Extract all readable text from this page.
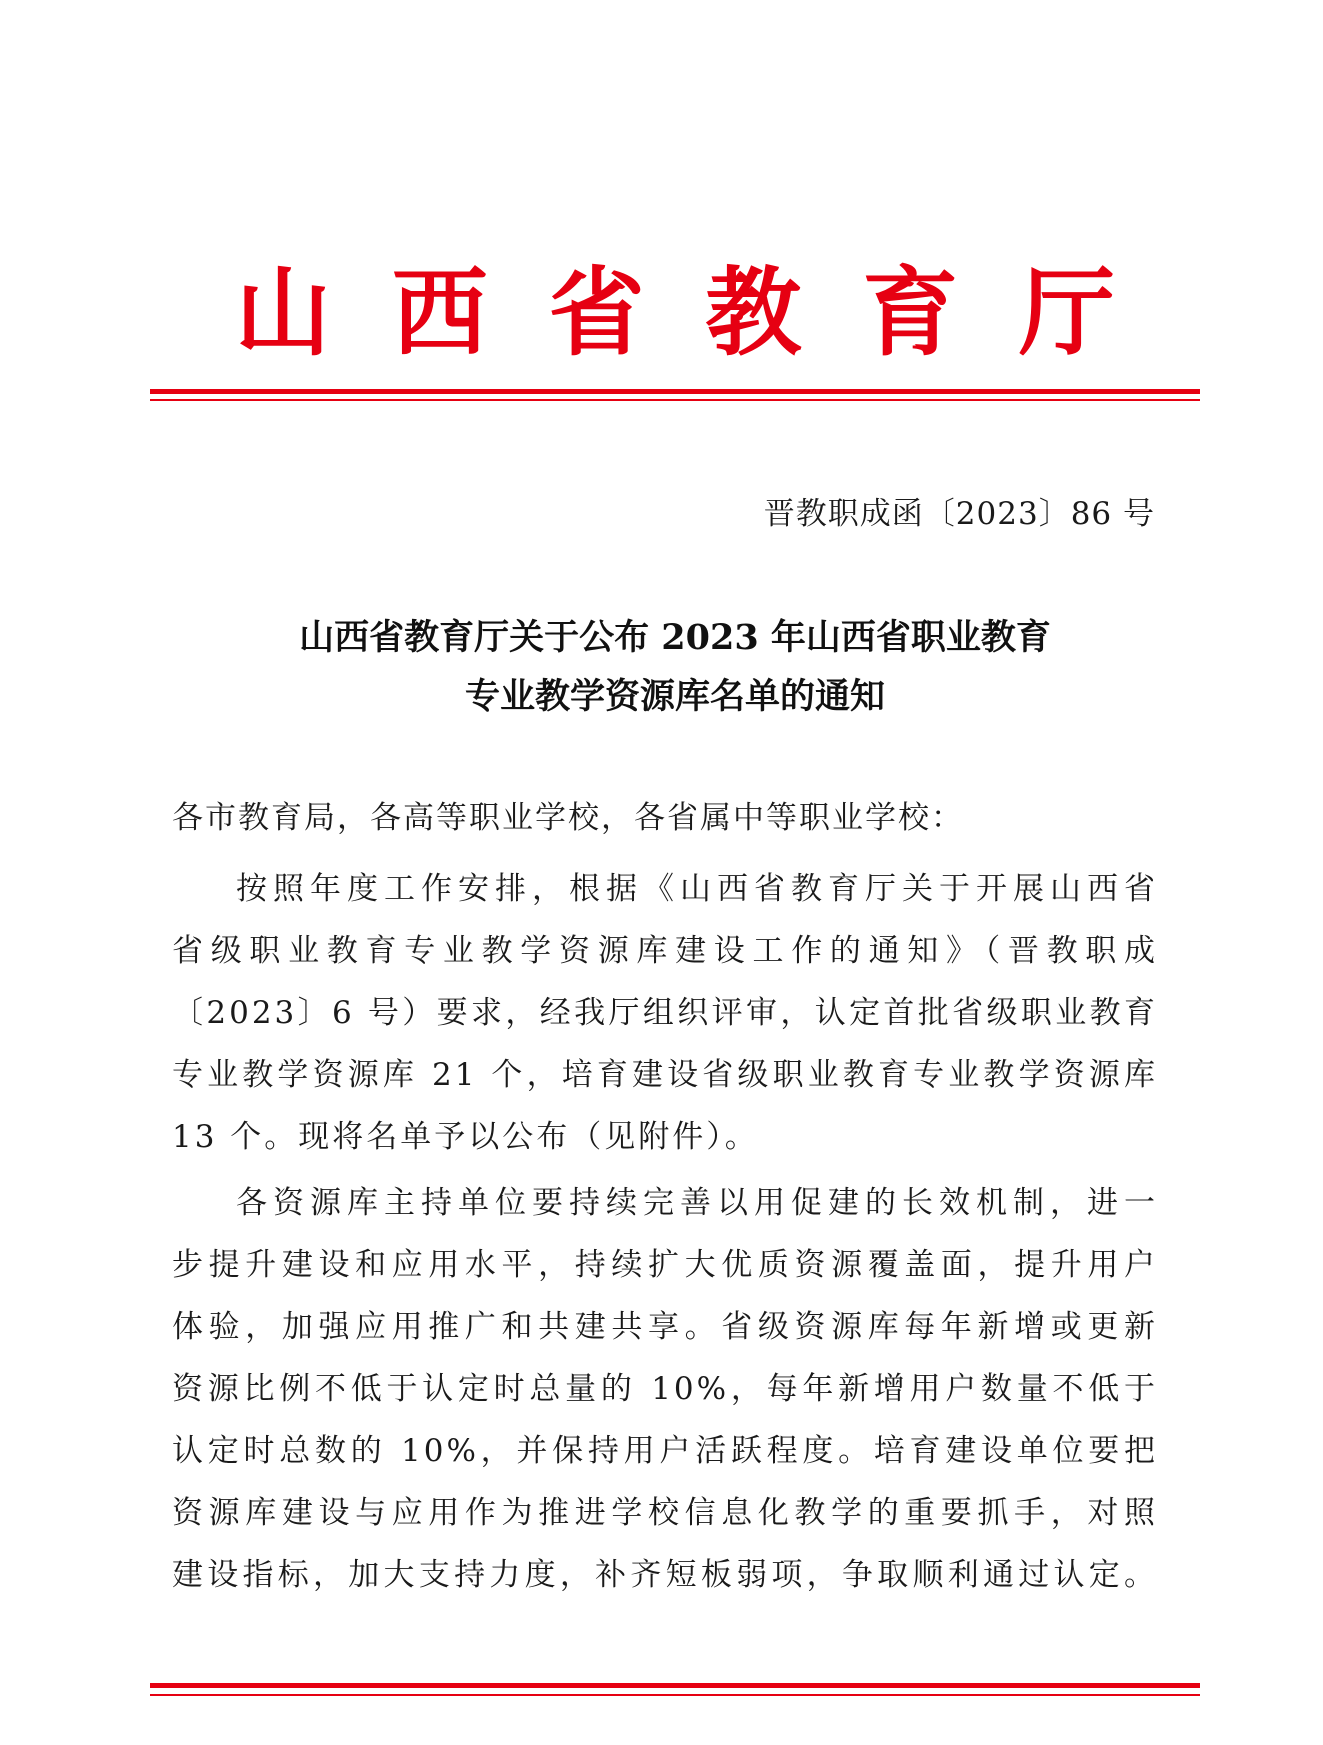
山 西 省 教 育 厅
晋教职成函〔2023〕86 号
山西省教育厅关于公布 2023 年山西省职业教育
专业教学资源库名单的通知
各市教育局，各高等职业学校，各省属中等职业学校：
按照年度工作安排，根据《山西省教育厅关于开展山西省
省级职业教育专业教学资源库建设工作的通知》（晋教职成
〔2023〕6 号）要求，经我厅组织评审，认定首批省级职业教育
专业教学资源库 21 个，培育建设省级职业教育专业教学资源库
13 个。现将名单予以公布（见附件）。
各资源库主持单位要持续完善以用促建的长效机制，进一
步提升建设和应用水平，持续扩大优质资源覆盖面，提升用户
体验，加强应用推广和共建共享。省级资源库每年新增或更新
资源比例不低于认定时总量的 10%，每年新增用户数量不低于
认定时总数的 10%，并保持用户活跃程度。培育建设单位要把
资源库建设与应用作为推进学校信息化教学的重要抓手，对照
建设指标，加大支持力度，补齐短板弱项，争取顺利通过认定。
